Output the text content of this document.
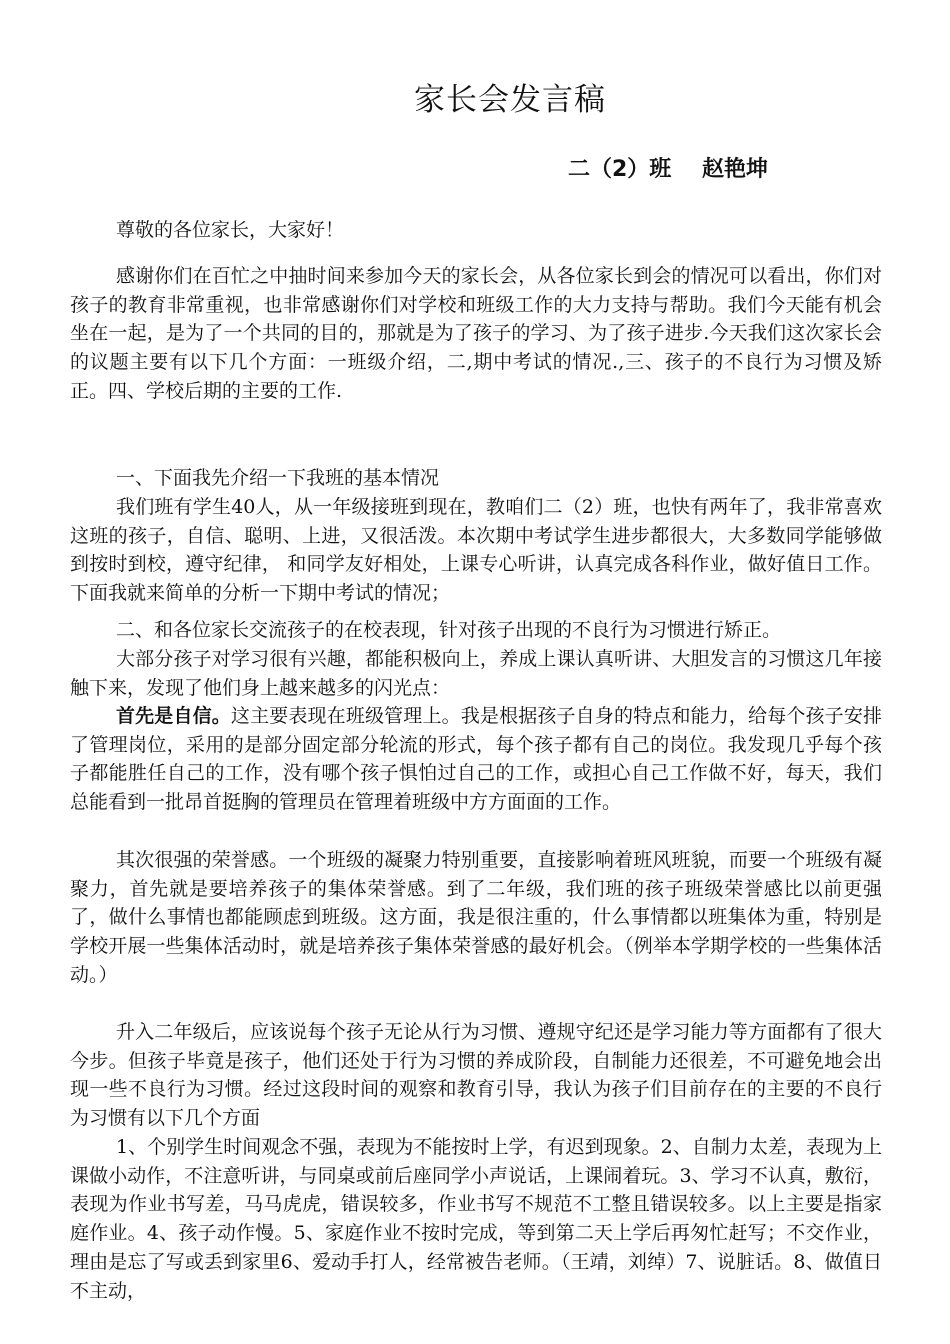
家长会发言稿
二（2）班    赵艳坤

尊敬的各位家长，大家好！

感谢你们在百忙之中抽时间来参加今天的家长会，从各位家长到会的情况可以看出，你们对孩子的教育非常重视，也非常感谢你们对学校和班级工作的大力支持与帮助。我们今天能有机会坐在一起，是为了一个共同的目的，那就是为了孩子的学习、为了孩子进步.今天我们这次家长会的议题主要有以下几个方面：一班级介绍，二,期中考试的情况.,三、孩子的不良行为习惯及矫正。四、学校后期的主要的工作.

一、下面我先介绍一下我班的基本情况

我们班有学生40人，从一年级接班到现在，教咱们二（2）班，也快有两年了，我非常喜欢这班的孩子，自信、聪明、上进，又很活泼。本次期中考试学生进步都很大，大多数同学能够做到按时到校，遵守纪律， 和同学友好相处，上课专心听讲，认真完成各科作业，做好值日工作。下面我就来简单的分析一下期中考试的情况；

二、和各位家长交流孩子的在校表现，针对孩子出现的不良行为习惯进行矫正。

大部分孩子对学习很有兴趣，都能积极向上，养成上课认真听讲、大胆发言的习惯这几年接触下来，发现了他们身上越来越多的闪光点：

首先是自信。这主要表现在班级管理上。我是根据孩子自身的特点和能力，给每个孩子安排了管理岗位，采用的是部分固定部分轮流的形式，每个孩子都有自己的岗位。我发现几乎每个孩子都能胜任自己的工作，没有哪个孩子惧怕过自己的工作，或担心自己工作做不好，每天，我们总能看到一批昂首挺胸的管理员在管理着班级中方方面面的工作。

其次很强的荣誉感。一个班级的凝聚力特别重要，直接影响着班风班貌，而要一个班级有凝聚力，首先就是要培养孩子的集体荣誉感。到了二年级，我们班的孩子班级荣誉感比以前更强了，做什么事情也都能顾虑到班级。这方面，我是很注重的，什么事情都以班集体为重，特别是学校开展一些集体活动时，就是培养孩子集体荣誉感的最好机会。（例举本学期学校的一些集体活动。）

升入二年级后，应该说每个孩子无论从行为习惯、遵规守纪还是学习能力等方面都有了很大今步。但孩子毕竟是孩子，他们还处于行为习惯的养成阶段，自制能力还很差，不可避免地会出现一些不良行为习惯。经过这段时间的观察和教育引导，我认为孩子们目前存在的主要的不良行为习惯有以下几个方面

1、个别学生时间观念不强，表现为不能按时上学，有迟到现象。2、自制力太差，表现为上课做小动作，不注意听讲，与同桌或前后座同学小声说话，上课闹着玩。3、学习不认真，敷衍，表现为作业书写差，马马虎虎，错误较多，作业书写不规范不工整且错误较多。以上主要是指家庭作业。4、孩子动作慢。5、家庭作业不按时完成，等到第二天上学后再匆忙赶写；不交作业，理由是忘了写或丢到家里6、爱动手打人，经常被告老师。（王靖，刘绰）7、说脏话。8、做值日不主动，
